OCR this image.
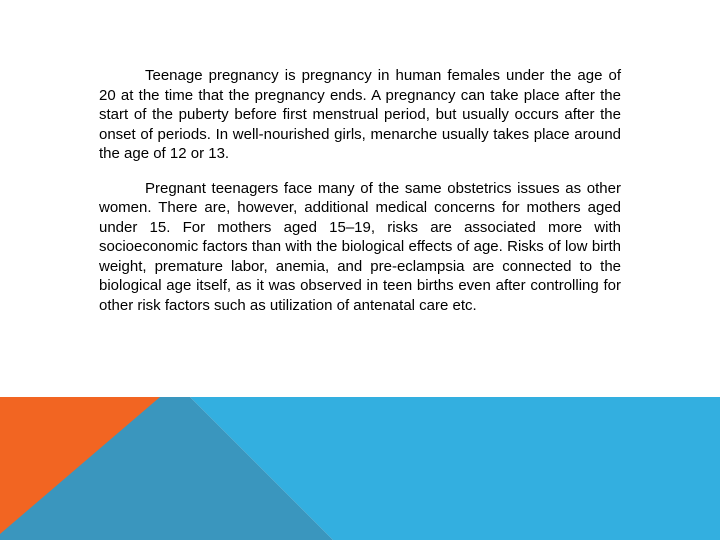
Teenage pregnancy is pregnancy in human females under the age of 20 at the time that the pregnancy ends. A pregnancy can take place after the start of the puberty before first menstrual period, but usually occurs after the onset of periods. In well-nourished girls, menarche usually takes place around the age of 12 or 13.

Pregnant teenagers face many of the same obstetrics issues as other women. There are, however, additional medical concerns for mothers aged under 15. For mothers aged 15–19, risks are associated more with socioeconomic factors than with the biological effects of age. Risks of low birth weight, premature labor, anemia, and pre-eclampsia are connected to the biological age itself, as it was observed in teen births even after controlling for other risk factors such as utilization of antenatal care etc.
